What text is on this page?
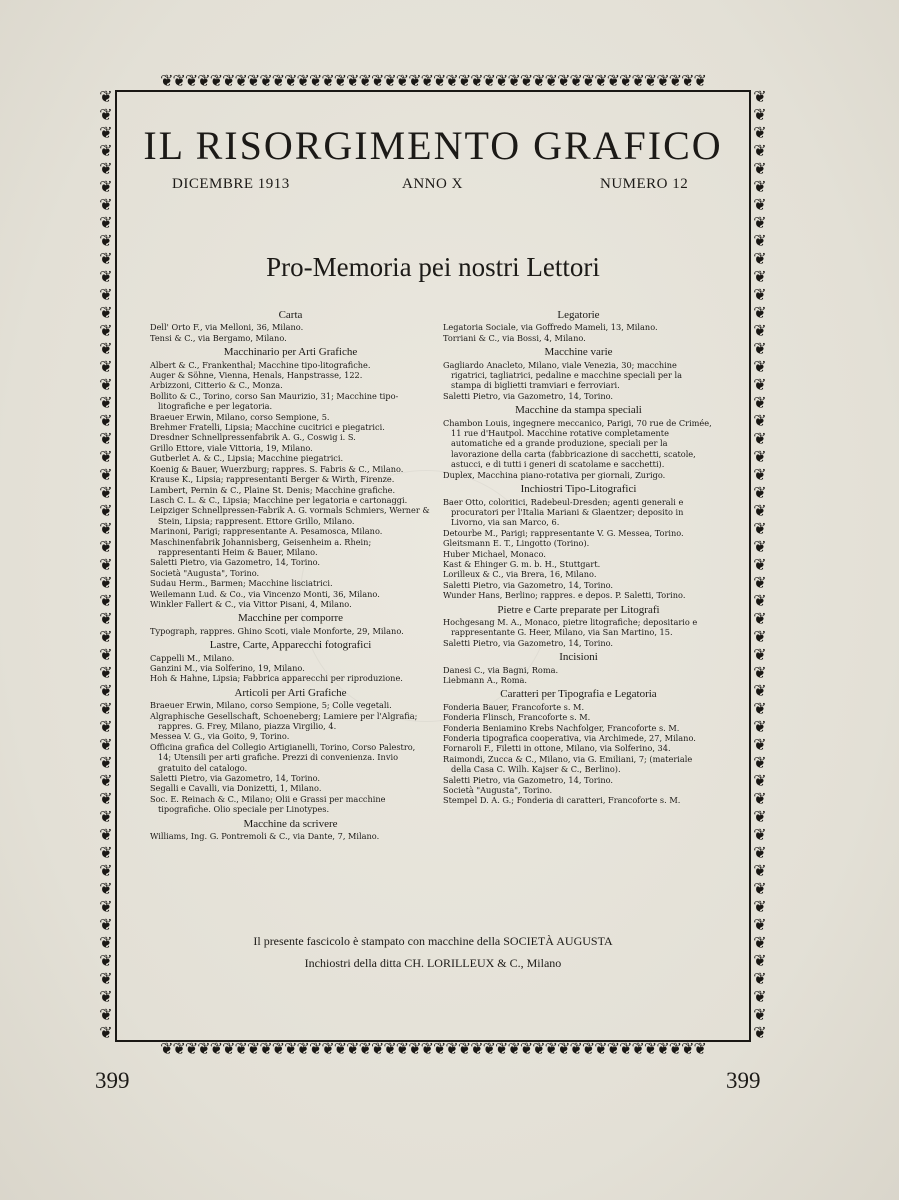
❦❦❦❦❦❦❦❦❦❦❦❦❦❦❦❦❦❦❦❦❦❦❦❦❦❦❦❦❦❦❦❦❦❦❦❦❦❦❦❦❦❦❦❦
❦❦❦❦❦❦❦❦❦❦❦❦❦❦❦❦❦❦❦❦❦❦❦❦❦❦❦❦❦❦❦❦❦❦❦❦❦❦❦❦❦❦❦❦
❦
❦
❦
❦
❦
❦
❦
❦
❦
❦
❦
❦
❦
❦
❦
❦
❦
❦
❦
❦
❦
❦
❦
❦
❦
❦
❦
❦
❦
❦
❦
❦
❦
❦
❦
❦
❦
❦
❦
❦
❦
❦
❦
❦
❦
❦
❦
❦
❦
❦
❦
❦
❦
❦
❦
❦
❦
❦
❦
❦
❦
❦
❦
❦
❦
❦
❦
❦
❦
❦
❦
❦
❦
❦
❦
❦
❦
❦
❦
❦
❦
❦
❦
❦
❦
❦
❦
❦
❦
❦
❦
❦
❦
❦
❦
❦
❦
❦
❦
❦
❦
❦
❦
❦
❦
❦
IL RISORGIMENTO GRAFICO
DICEMBRE 1913	ANNO X	NUMERO 12
Pro-Memoria pei nostri Lettori
Carta

Dell' Orto F., via Melloni, 36, Milano.

Tensi & C., via Bergamo, Milano.

Macchinario per Arti Grafiche

Albert & C., Frankenthal; Macchine tipo-litografiche.

Auger & Söhne, Vienna, Henals, Hanpstrasse, 122.

Arbizzoni, Citterio & C., Monza.

Bollito & C., Torino, corso San Maurizio, 31; Macchine tipo-litografiche e per legatoria.

Braeuer Erwin, Milano, corso Sempione, 5.

Brehmer Fratelli, Lipsia; Macchine cucitrici e piegatrici.

Dresdner Schnellpressenfabrik A. G., Coswig i. S.

Grillo Ettore, viale Vittoria, 19, Milano.

Gutberlet A. & C., Lipsia; Macchine piegatrici.

Koenig & Bauer, Wuerzburg; rappres. S. Fabris & C., Milano.

Krause K., Lipsia; rappresentanti Berger & Wirth, Firenze.

Lambert, Pernin & C., Plaine St. Denis; Macchine grafiche.

Lasch C. L. & C., Lipsia; Macchine per legatoria e cartonaggi.

Leipziger Schnellpressen-Fabrik A. G. vormals Schmiers, Werner & Stein, Lipsia; rappresent. Ettore Grillo, Milano.

Marinoni, Parigi; rappresentante A. Pesamosca, Milano.

Maschinenfabrik Johannisberg, Geisenheim a. Rhein; rappresentanti Heim & Bauer, Milano.

Saletti Pietro, via Gazometro, 14, Torino.

Società "Augusta", Torino.

Sudau Herm., Barmen; Macchine lisciatrici.

Weilemann Lud. & Co., via Vincenzo Monti, 36, Milano.

Winkler Fallert & C., via Vittor Pisani, 4, Milano.

Macchine per comporre

Typograph, rappres. Ghino Scoti, viale Monforte, 29, Milano.

Lastre, Carte, Apparecchi fotografici

Cappelli M., Milano.

Ganzini M., via Solferino, 19, Milano.

Hoh & Hahne, Lipsia; Fabbrica apparecchi per riproduzione.

Articoli per Arti Grafiche

Braeuer Erwin, Milano, corso Sempione, 5; Colle vegetali.

Algraphische Gesellschaft, Schoeneberg; Lamiere per l'Algrafia; rappres. G. Frey, Milano, piazza Virgilio, 4.

Messea V. G., via Goito, 9, Torino.

Officina grafica del Collegio Artigianelli, Torino, Corso Palestro, 14; Utensili per arti grafiche. Prezzi di convenienza. Invio gratuito del catalogo.

Saletti Pietro, via Gazometro, 14, Torino.

Segalli e Cavalli, via Donizetti, 1, Milano.

Soc. E. Reinach & C., Milano; Olii e Grassi per macchine tipografiche. Olio speciale per Linotypes.

Macchine da scrivere

Williams, Ing. G. Pontremoli & C., via Dante, 7, Milano.

Legatorie

Legatoria Sociale, via Goffredo Mameli, 13, Milano.

Torriani & C., via Bossi, 4, Milano.

Macchine varie

Gagliardo Anacleto, Milano, viale Venezia, 30; macchine rigatrici, tagliatrici, pedaline e macchine speciali per la stampa di biglietti tramviari e ferroviari.

Saletti Pietro, via Gazometro, 14, Torino.

Macchine da stampa speciali

Chambon Louis, ingegnere meccanico, Parigi, 70 rue de Crimée, 11 rue d'Hautpol. Macchine rotative completamente automatiche ed a grande produzione, speciali per la lavorazione della carta (fabbricazione di sacchetti, scatole, astucci, e di tutti i generi di scatolame e sacchetti).

Duplex, Macchina piano-rotativa per giornali, Zurigo.

Inchiostri Tipo-Litografici

Baer Otto, coloritici, Radebeul-Dresden; agenti generali e procuratori per l'Italia Mariani & Glaentzer; deposito in Livorno, via san Marco, 6.

Detourbe M., Parigi; rappresentante V. G. Messea, Torino.

Gleitsmann E. T., Lingotto (Torino).

Huber Michael, Monaco.

Kast & Ehinger G. m. b. H., Stuttgart.

Lorilleux & C., via Brera, 16, Milano.

Saletti Pietro, via Gazometro, 14, Torino.

Wunder Hans, Berlino; rappres. e depos. P. Saletti, Torino.

Pietre e Carte preparate per Litografi

Hochgesang M. A., Monaco, pietre litografiche; depositario e rappresentante G. Heer, Milano, via San Martino, 15.

Saletti Pietro, via Gazometro, 14, Torino.

Incisioni

Danesi C., via Bagni, Roma.

Liebmann A., Roma.

Caratteri per Tipografia e Legatoria

Fonderia Bauer, Francoforte s. M.

Fonderia Flinsch, Francoforte s. M.

Fonderia Beniamino Krebs Nachfolger, Francoforte s. M.

Fonderia tipografica cooperativa, via Archimede, 27, Milano.

Fornaroli F., Filetti in ottone, Milano, via Solferino, 34.

Raimondi, Zucca & C., Milano, via G. Emiliani, 7; (materiale della Casa C. Wilh. Kajser & C., Berlino).

Saletti Pietro, via Gazometro, 14, Torino.

Società "Augusta", Torino.

Stempel D. A. G.; Fonderia di caratteri, Francoforte s. M.

Il presente fascicolo è stampato con macchine della SOCIETÀ AUGUSTA
Inchiostri della ditta CH. LORILLEUX & C., Milano
399	399
